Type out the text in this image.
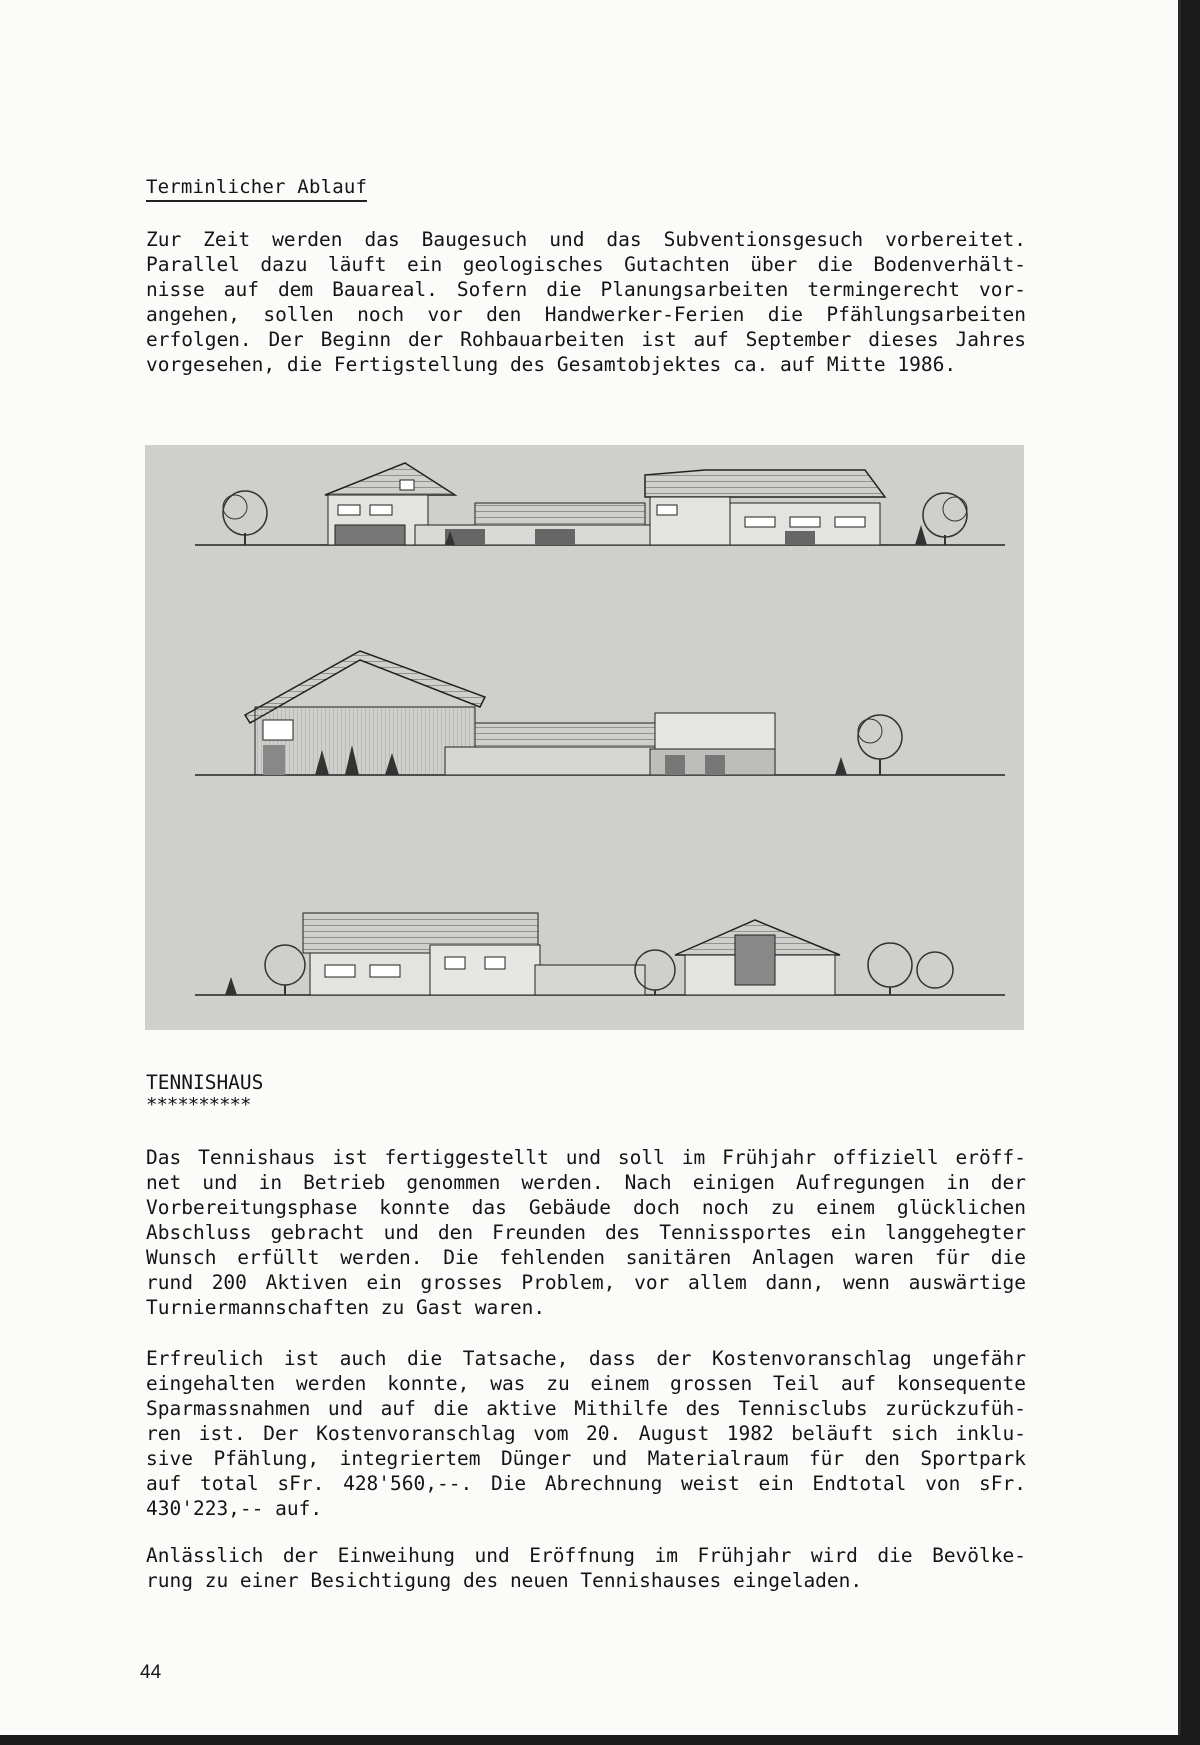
Terminlicher Ablauf
Zur Zeit werden das Baugesuch und das Subventionsgesuch vorbereitet.
Parallel dazu läuft ein geologisches Gutachten über die Bodenverhält-
nisse auf dem Bauareal. Sofern die Planungsarbeiten termingerecht vor-
angehen, sollen noch vor den Handwerker-Ferien die Pfählungsarbeiten
erfolgen. Der Beginn der Rohbauarbeiten ist auf September dieses Jahres
vorgesehen, die Fertigstellung des Gesamtobjektes ca. auf Mitte 1986.
TENNISHAUS
**********
Das Tennishaus ist fertiggestellt und soll im Frühjahr offiziell eröff-
net und in Betrieb genommen werden. Nach einigen Aufregungen in der
Vorbereitungsphase konnte das Gebäude doch noch zu einem glücklichen
Abschluss gebracht und den Freunden des Tennissportes ein langgehegter
Wunsch erfüllt werden. Die fehlenden sanitären Anlagen waren für die
rund 200 Aktiven ein grosses Problem, vor allem dann, wenn auswärtige
Turniermannschaften zu Gast waren.
Erfreulich ist auch die Tatsache, dass der Kostenvoranschlag ungefähr
eingehalten werden konnte, was zu einem grossen Teil auf konsequente
Sparmassnahmen und auf die aktive Mithilfe des Tennisclubs zurückzufüh-
ren ist. Der Kostenvoranschlag vom 20. August 1982 beläuft sich inklu-
sive Pfählung, integriertem Dünger und Materialraum für den Sportpark
auf total sFr. 428'560,--. Die Abrechnung weist ein Endtotal von sFr.
430'223,-- auf.
Anlässlich der Einweihung und Eröffnung im Frühjahr wird die Bevölke-
rung zu einer Besichtigung des neuen Tennishauses eingeladen.
44
